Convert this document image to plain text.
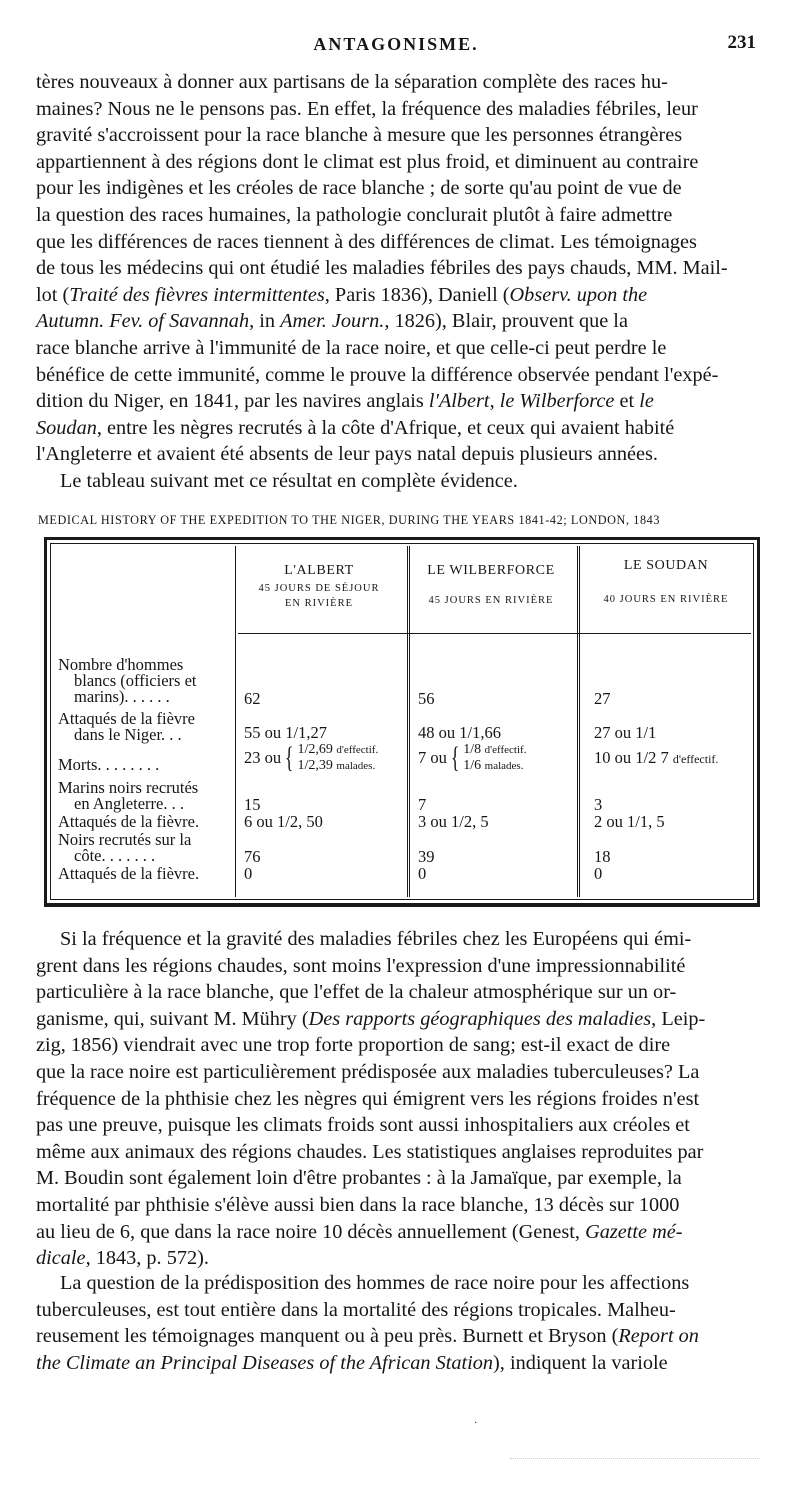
ANTAGONISME.	231
tères nouveaux à donner aux partisans de la séparation complète des races hu-
maines? Nous ne le pensons pas. En effet, la fréquence des maladies fébriles, leur
gravité s'accroissent pour la race blanche à mesure que les personnes étrangères
appartiennent à des régions dont le climat est plus froid, et diminuent au contraire
pour les indigènes et les créoles de race blanche ; de sorte qu'au point de vue de
la question des races humaines, la pathologie conclurait plutôt à faire admettre
que les différences de races tiennent à des différences de climat. Les témoignages
de tous les médecins qui ont étudié les maladies fébriles des pays chauds, MM. Mail-
lot (Traité des fièvres intermittentes, Paris 1836), Daniell (Observ. upon the
Autumn. Fev. of Savannah, in Amer. Journ., 1826), Blair, prouvent que la
race blanche arrive à l'immunité de la race noire, et que celle-ci peut perdre le
bénéfice de cette immunité, comme le prouve la différence observée pendant l'expé-
dition du Niger, en 1841, par les navires anglais l'Albert, le Wilberforce et le
Soudan, entre les nègres recrutés à la côte d'Afrique, et ceux qui avaient habité
l'Angleterre et avaient été absents de leur pays natal depuis plusieurs années.
Le tableau suivant met ce résultat en complète évidence.
MEDICAL HISTORY OF THE EXPEDITION TO THE NIGER, DURING THE YEARS 1841-42; LONDON, 1843
L'ALBERT
45 JOURS DE SÉJOUR
EN RIVIÈRE
LE WILBERFORCE
45 JOURS EN RIVIÈRE
LE SOUDAN
40 JOURS EN RIVIÈRE
Nombre d'hommes
blancs (officiers et
marins). . . . . .
Attaqués de la fièvre
dans le Niger. . .
Morts. . . . . . . .
Marins noirs recrutés
en Angleterre. . .
Attaqués de la fièvre.
Noirs recrutés sur la
côte. . . . . . .
Attaqués de la fièvre.
62
55 ou 1/1,27
23 ou { 1/2,69 d'effectif.
1/2,39 malades.
15
6 ou 1/2, 50
76
0
56
48 ou 1/1,66
7 ou { 1/8 d'effectif.
1/6 malades.
7
3 ou 1/2, 5
39
0
27
27 ou 1/1
10 ou 1/2 7 d'effectif.
3
2 ou 1/1, 5
18
0
Si la fréquence et la gravité des maladies fébriles chez les Européens qui émi-
grent dans les régions chaudes, sont moins l'expression d'une impressionnabilité
particulière à la race blanche, que l'effet de la chaleur atmosphérique sur un or-
ganisme, qui, suivant M. Mühry (Des rapports géographiques des maladies, Leip-
zig, 1856) viendrait avec une trop forte proportion de sang; est-il exact de dire
que la race noire est particulièrement prédisposée aux maladies tuberculeuses? La
fréquence de la phthisie chez les nègres qui émigrent vers les régions froides n'est
pas une preuve, puisque les climats froids sont aussi inhospitaliers aux créoles et
même aux animaux des régions chaudes. Les statistiques anglaises reproduites par
M. Boudin sont également loin d'être probantes : à la Jamaïque, par exemple, la
mortalité par phthisie s'élève aussi bien dans la race blanche, 13 décès sur 1000
au lieu de 6, que dans la race noire 10 décès annuellement (Genest, Gazette mé-
dicale, 1843, p. 572).
La question de la prédisposition des hommes de race noire pour les affections
tuberculeuses, est tout entière dans la mortalité des régions tropicales. Malheu-
reusement les témoignages manquent ou à peu près. Burnett et Bryson (Report on
the Climate an Principal Diseases of the African Station), indiquent la variole
·
